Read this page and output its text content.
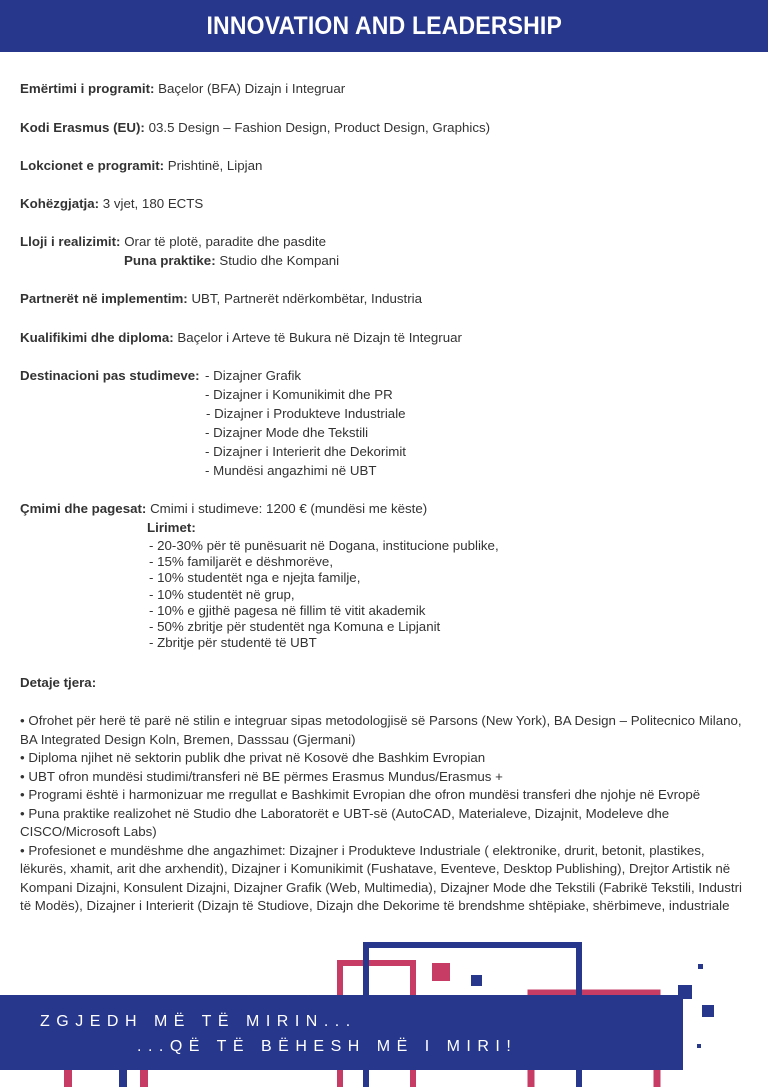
INNOVATION AND LEADERSHIP
Emërtimi i programit: Baçelor (BFA) Dizajn i Integruar
Kodi Erasmus (EU): 03.5 Design – Fashion Design, Product Design, Graphics)
Lokcionet e programit: Prishtinë, Lipjan
Kohëzgjatja: 3 vjet, 180 ECTS
Lloji i realizimit: Orar të plotë, paradite dhe pasdite
Puna praktike: Studio dhe Kompani
Partnerët në implementim: UBT, Partnerët ndërkombëtar, Industria
Kualifikimi dhe diploma: Baçelor i Arteve të Bukura në Dizajn të Integruar
Destinacioni pas studimeve: - Dizajner Grafik
- Dizajner i Komunikimit dhe PR
- Dizajner i Produkteve Industriale
- Dizajner Mode dhe Tekstili
- Dizajner i Interierit dhe Dekorimit
- Mundësi angazhimi në UBT
Çmimi dhe pagesat: Cmimi i studimeve: 1200 € (mundësi me këste)
Lirimet:
- 20-30% për të punësuarit në Dogana, institucione publike,
- 15% familjarët e dëshmorëve,
- 10% studentët nga e njejta familje,
- 10% studentët në grup,
- 10% e gjithë pagesa në fillim të vitit akademik
- 50% zbritje për studentët nga Komuna e Lipjanit
- Zbritje për studentë të UBT
Detaje tjera:

• Ofrohet për herë të parë në stilin e integruar sipas metodologjisë së Parsons (New York), BA Design – Politecnico Milano, BA Integrated Design Koln, Bremen, Dasssau (Gjermani)

• Diploma njihet në sektorin publik dhe privat në Kosovë dhe Bashkim Evropian

• UBT ofron mundësi studimi/transferi në BE përmes Erasmus Mundus/Erasmus +

• Programi është i harmonizuar me rregullat e Bashkimit Evropian dhe ofron mundësi transferi dhe njohje në Evropë

• Puna praktike realizohet në Studio dhe Laboratorët e UBT-së (AutoCAD, Materialeve, Dizajnit, Modeleve dhe CISCO/Microsoft Labs)

• Profesionet e mundëshme dhe angazhimet: Dizajner i Produkteve Industriale ( elektronike, drurit, betonit, plastikes, lëkurës, xhamit, arit dhe arxhendit), Dizajner i Komunikimit (Fushatave, Eventeve, Desktop Publishing), Drejtor Artistik në Kompani Dizajni, Konsulent Dizajni, Dizajner Grafik (Web, Multimedia), Dizajner Mode dhe Tekstili (Fabrikë Tekstili, Industri të Modës), Dizajner i Interierit (Dizajn të Studiove, Dizajn dhe Dekorime të brendshme shtëpiake, shërbimeve, industriale

ZGJEDH MË TË MIRIN...
...QË TË BËHESH MË I MIRI!
